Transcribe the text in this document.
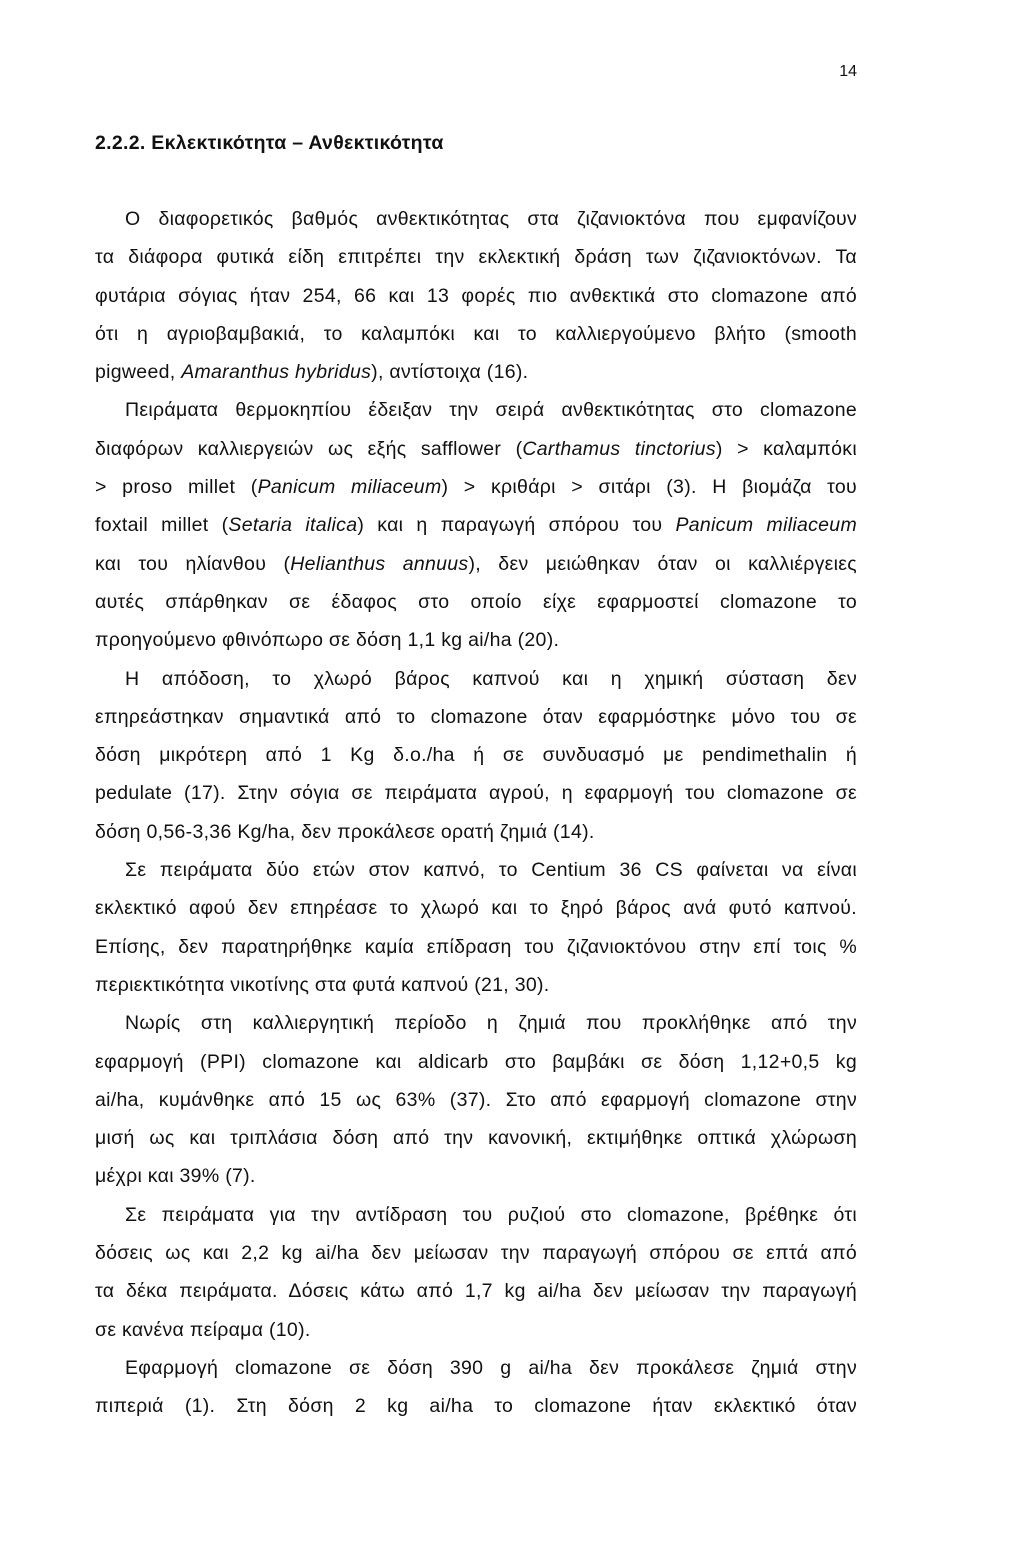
14
2.2.2. Εκλεκτικότητα – Ανθεκτικότητα
Ο διαφορετικός βαθμός ανθεκτικότητας στα ζιζανιοκτόνα που εμφανίζουν
τα διάφορα φυτικά είδη επιτρέπει την εκλεκτική δράση των ζιζανιοκτόνων. Τα
φυτάρια σόγιας ήταν 254, 66 και 13 φορές πιο ανθεκτικά στο clomazone από
ότι η αγριοβαμβακιά, το καλαμπόκι και το καλλιεργούμενο βλήτο (smooth
pigweed, Amaranthus hybridus), αντίστοιχα (16).
Πειράματα θερμοκηπίου έδειξαν την σειρά ανθεκτικότητας στο clomazone
διαφόρων καλλιεργειών ως εξής safflower (Carthamus tinctorius) > καλαμπόκι
> proso millet (Panicum miliaceum) > κριθάρι > σιτάρι (3). Η βιομάζα του
foxtail millet (Setaria italica) και η παραγωγή σπόρου του Panicum miliaceum
και του ηλίανθου (Helianthus annuus), δεν μειώθηκαν όταν οι καλλιέργειες
αυτές σπάρθηκαν σε έδαφος στο οποίο είχε εφαρμοστεί clomazone το
προηγούμενο φθινόπωρο σε δόση 1,1 kg ai/ha (20).
Η απόδοση, το χλωρό βάρος καπνού και η χημική σύσταση δεν
επηρεάστηκαν σημαντικά από το clomazone όταν εφαρμόστηκε μόνο του σε
δόση μικρότερη από 1 Kg δ.ο./ha ή σε συνδυασμό με pendimethalin ή
pedulate (17). Στην σόγια σε πειράματα αγρού, η εφαρμογή του clomazone σε
δόση 0,56-3,36 Kg/ha, δεν προκάλεσε ορατή ζημιά (14).
Σε πειράματα δύο ετών στον καπνό, το Centium 36 CS φαίνεται να είναι
εκλεκτικό αφού δεν επηρέασε το χλωρό και το ξηρό βάρος ανά φυτό καπνού.
Επίσης, δεν παρατηρήθηκε καμία επίδραση του ζιζανιοκτόνου στην επί τοις %
περιεκτικότητα νικοτίνης στα φυτά καπνού (21, 30).
Νωρίς στη καλλιεργητική περίοδο η ζημιά που προκλήθηκε από την
εφαρμογή (PPI) clomazone και aldicarb στο βαμβάκι σε δόση 1,12+0,5 kg
ai/ha, κυμάνθηκε από 15 ως 63% (37). Στο από εφαρμογή clomazone στην
μισή ως και τριπλάσια δόση από την κανονική, εκτιμήθηκε οπτικά χλώρωση
μέχρι και 39% (7).
Σε πειράματα για την αντίδραση του ρυζιού στο clomazone, βρέθηκε ότι
δόσεις ως και 2,2 kg ai/ha δεν μείωσαν την παραγωγή σπόρου σε επτά από
τα δέκα πειράματα. Δόσεις κάτω από 1,7 kg ai/ha δεν μείωσαν την παραγωγή
σε κανένα πείραμα (10).
Εφαρμογή clomazone σε δόση 390 g ai/ha δεν προκάλεσε ζημιά στην
πιπεριά (1). Στη δόση 2 kg ai/ha το clomazone ήταν εκλεκτικό όταν
